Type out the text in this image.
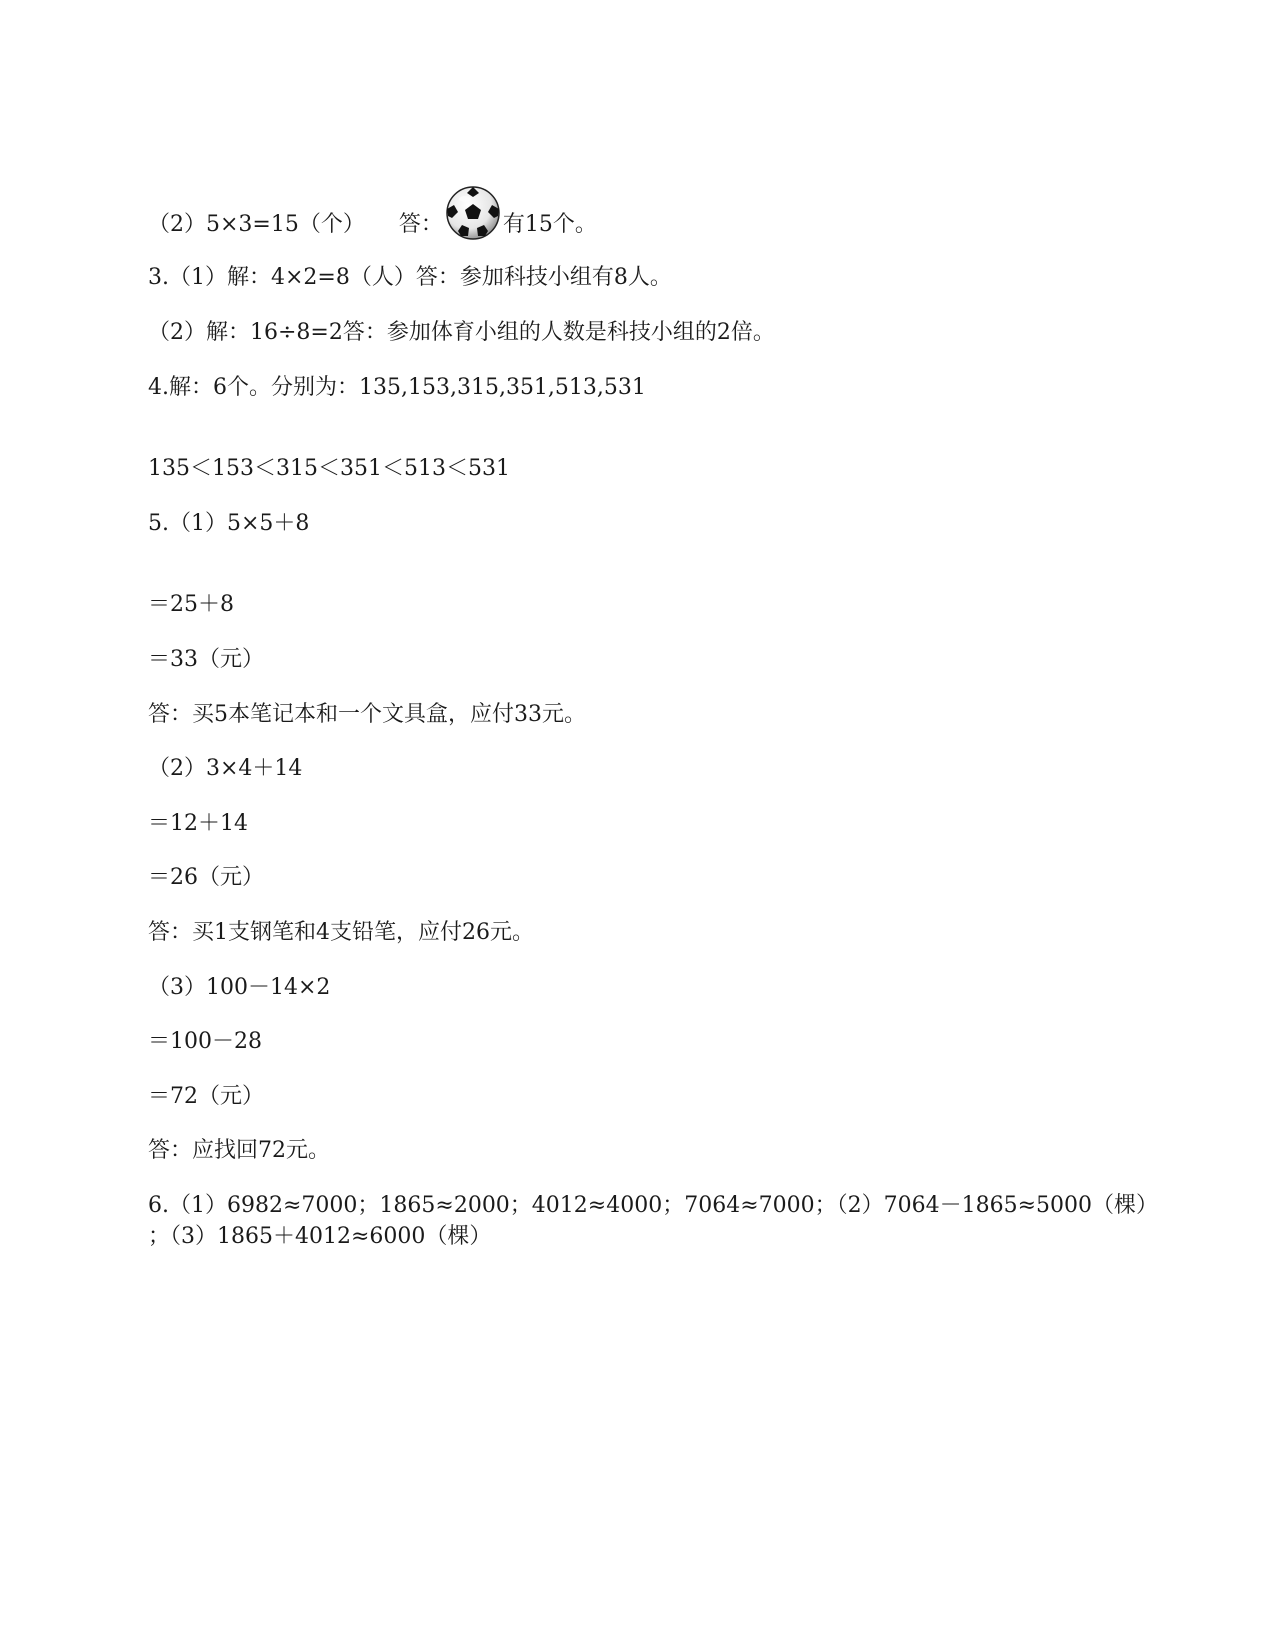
（2）5×3=15（个） 答：	有15个。
3.（1）解：4×2=8（人）答：参加科技小组有8人。
（2）解：16÷8=2答：参加体育小组的人数是科技小组的2倍。
4.解：6个。分别为：135,153,315,351,513,531
135＜153＜315＜351＜513＜531
5.（1）5×5＋8
＝25＋8
＝33（元）
答：买5本笔记本和一个文具盒，应付33元。
（2）3×4＋14
＝12＋14
＝26（元）
答：买1支钢笔和4支铅笔，应付26元。
（3）100－14×2
＝100－28
＝72（元）
答：应找回72元。
6.（1）6982≈7000；1865≈2000；4012≈4000；7064≈7000；（2）7064－1865≈5000（棵）
；（3）1865＋4012≈6000（棵）
